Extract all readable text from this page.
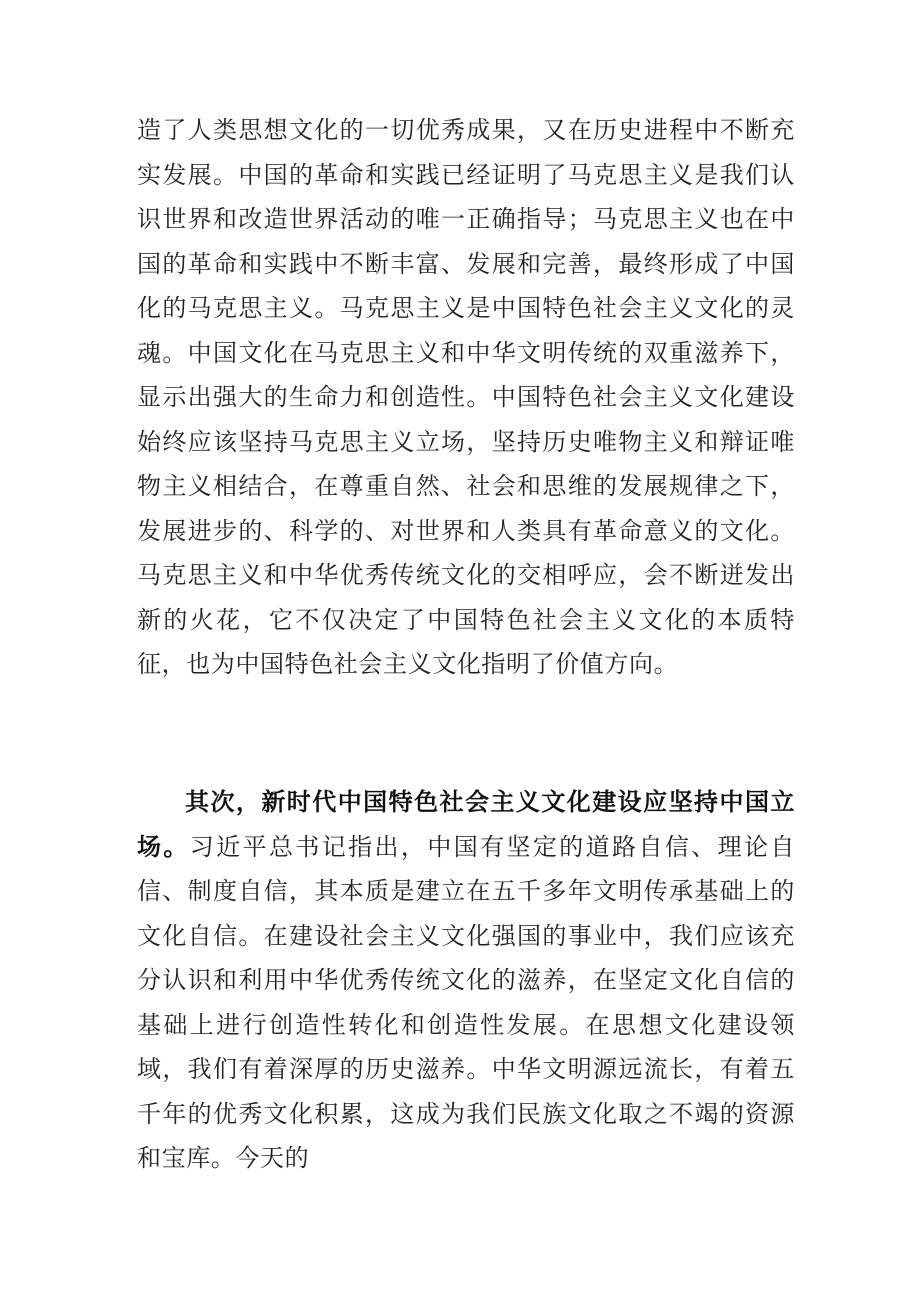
造了人类思想文化的一切优秀成果，又在历史进程中不断充实发展。中国的革命和实践已经证明了马克思主义是我们认识世界和改造世界活动的唯一正确指导；马克思主义也在中国的革命和实践中不断丰富、发展和完善，最终形成了中国化的马克思主义。马克思主义是中国特色社会主义文化的灵魂。中国文化在马克思主义和中华文明传统的双重滋养下，显示出强大的生命力和创造性。中国特色社会主义文化建设始终应该坚持马克思主义立场，坚持历史唯物主义和辩证唯物主义相结合，在尊重自然、社会和思维的发展规律之下，发展进步的、科学的、对世界和人类具有革命意义的文化。马克思主义和中华优秀传统文化的交相呼应，会不断迸发出新的火花，它不仅决定了中国特色社会主义文化的本质特征，也为中国特色社会主义文化指明了价值方向。

其次，新时代中国特色社会主义文化建设应坚持中国立场。习近平总书记指出，中国有坚定的道路自信、理论自信、制度自信，其本质是建立在五千多年文明传承基础上的文化自信。在建设社会主义文化强国的事业中，我们应该充分认识和利用中华优秀传统文化的滋养，在坚定文化自信的基础上进行创造性转化和创造性发展。在思想文化建设领域，我们有着深厚的历史滋养。中华文明源远流长，有着五千年的优秀文化积累，这成为我们民族文化取之不竭的资源和宝库。今天的
